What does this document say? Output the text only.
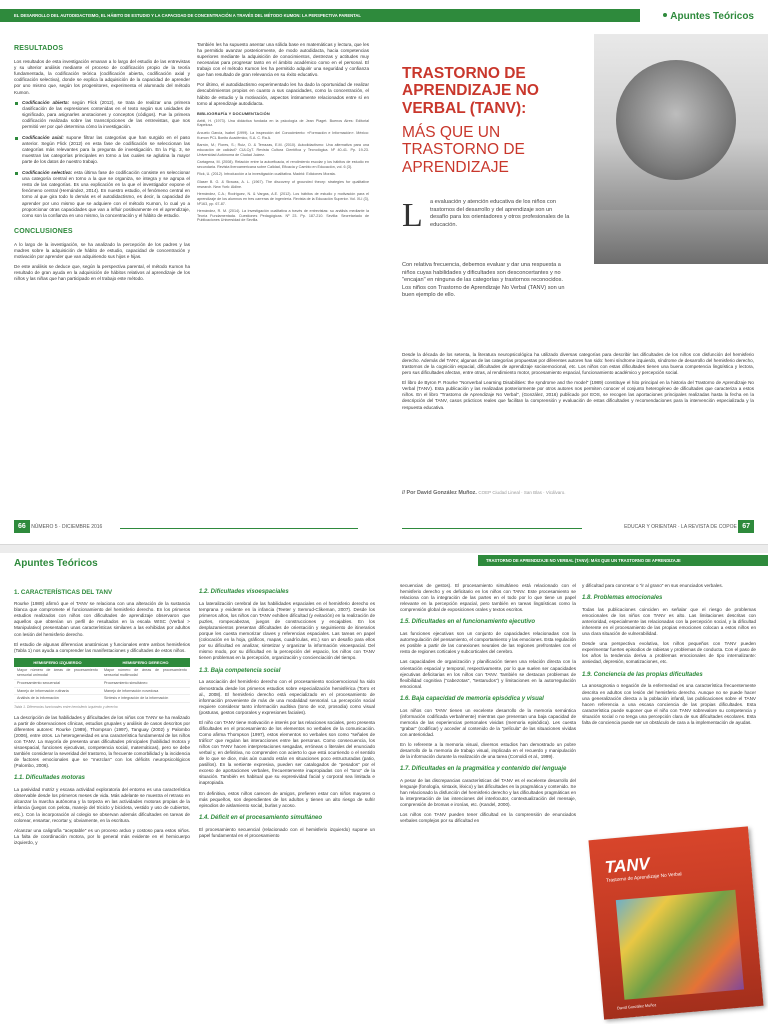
EL DESARROLLO DEL AUTODIDACTISMO, EL HÁBITO DE ESTUDIO Y LA CAPACIDAD DE CONCENTRACIÓN A TRAVÉS DEL MÉTODO KUMON: LA PERSPECTIVA PARENTAL	Apuntes Teóricos
RESULTADOS

Los resultados de esta investigación emanan a lo largo del estudio de las entrevistas y su ulterior análisis mediante el proceso de codificación propio de la teoría fundamentada, la codificación teórica (codificación abierta, codificación axial y codificación selectiva), donde se explica la adquisición de la capacidad de aprender por uno mismo que, según los progenitores, experimenta el alumnado del método Kumon.

Codificación abierta: según Flick (2012), se trata de realizar una primera clasificación de las expresiones contenidas en el texto según sus unidades de significado, para asignarles anotaciones y conceptos (códigos). Fue la primera codificación realizada sobre las transcripciones de las entrevistas, que nos permitió ver por qué determina cómo la investigación.
Codificación axial: supone filtrar las categorías que han surgido en el paso anterior. Según Flick (2012) en esta fase de codificación se seleccionan las categorías más relevantes para la pregunta de investigación. En la Fig. 3, se muestran las categorías principales en torno a las cuales se aglutina la mayor parte de los datos de nuestro trabajo.
Codificación selectiva: esta última fase de codificación consiste en seleccionar una categoría central en torno a la que se organiza, se integra y se agrupa el resto de las categorías. Es una explicación en la que el investigador expone el fenómeno central (Hernández, 2014). En nuestro estudio, el fenómeno central en torno al que gira todo lo demás es el autodidactismo, es decir, la capacidad de aprender por uno mismo que se adquiere con el método Kumon, lo cual yo a proporcionar otras capacidades que van a influir positivamente en el aprendizaje, como son la confianza en uno mismo, la concentración y el hábito de estudio.
CONCLUSIONES

A lo largo de la investigación, se ha analizado la percepción de los padres y las madres sobre la adquisición de hábito de estudio, capacidad de concentración y motivación por aprender que van adquiriendo sus hijos e hijas.

De este análisis se deduce que, según la perspectiva parental, el método Kumon ha resultado de gran ayuda en la adquisición de hábitos relativos al aprendizaje de los niños y las niñas que han participado en el trabajo este método.

También les ha supuesto asentar una sólida base en matemáticas y lectura, que les ha permitido avanzar posteriormente, de modo autodidacta, hacia competencias superiores mediante la adquisición de conocimientos, destrezas y actitudes muy necesarias para progresar tanto en el ámbito académico como en el personal. El trabajo con el método Kumon les ha permitido adquirir una seguridad y confianza que han resultado de gran relevancia en su éxito educativo.

Por último, el autodidactismo experimentado les ha dado la oportunidad de realizar descubrimientos propios en cuanto a sus capacidades, como la concentración, el hábito de estudio y la motivación, aspectos íntimamente relacionados entre sí en torno al aprendizaje autodidacta.

BIBLIOGRAFÍA Y DOCUMENTACIÓN

Aebli, H. (1973). Una didáctica fundada en la psicología de Jean Piaget. Buenos Aires: Editorial Kapelusz.

Arcuelo García, Isabel (1999). La inspección del Conocimiento: «Formación e Información». México: Kumon PCL Bonito Académico, S.A. C. Ra A.

Barrón, M.; Flores, S.; Ruiz, O. & Terrazas, E.M. (2010). Autodidactismo: Una alternativa para una educación de calidad? CULCyT. Revista Cultura Científica y Tecnológica. Nº 40-41. Pp. 19-23. Universidad Autónoma de Ciudad Juárez.

Cartagena, M. (2008). Relación entre la autoeficacia, el rendimiento escolar y los hábitos de estudio en secundaria. Revista Iberoamericana sobre Calidad, Eficacia y Cambio en Educación, vol. 6 (3).

Flick, U. (2012). Introducción a la investigación cualitativa. Madrid: Ediciones Morata.

Glaser B. G. & Strauss, A. L. (1967). The discovery of grounded theory: strategies for qualitative research. New York: Aldine.

Hernández, C.A.; Rodríguez, N. & Vargas, A.E. (2012). Los hábitos de estudio y motivación para el aprendizaje de los alumnos en tres carreras de ingeniería. Revista de la Educación Superior. Vol. XLI (3), Nº163, pp. 67-87.

Hernández, R. M. (2014). La investigación cualitativa a través de entrevistas: su análisis mediante la Teoría Fundamentada. Cuestiones Pedagógicas. Nº 23. Pp. 187-210. Sevilla: Secretariado de Publicaciones Universidad de Sevilla.

TRASTORNO DE
APRENDIZAJE NO
VERBAL (TANV):
MÁS QUE UN
TRASTORNO DE
APRENDIZAJE
L a evaluación y atención educativa de los niños con trastornos del desarrollo y del aprendizaje son un desafío para los orientadores y otros profesionales de la educación.
Con relativa frecuencia, debemos evaluar y dar una respuesta a niños cuyas habilidades y dificultades son desconcertantes y no "encajan" en ninguna de las categorías y trastornos reconocidos. Los niños con Trastorno de Aprendizaje No Verbal (TANV) son un buen ejemplo de ello.

Desde la década de los setenta, la literatura neuropsicológica ha utilizado diversas categorías para describir las dificultades de los niños con disfunción del hemisferio derecho. Además del TANV, algunas de las categorías propuestas por diferentes autores han sido: hemi síndrome izquierdo, síndrome de desarrollo del hemisferio derecho, trastornos de la cognición espacial, dificultades de aprendizaje socioemocional, etc. Los niños con estas dificultades tienen una buena competencia lingüística y lectora, pero sus dificultades afectan, entre otras, al rendimiento motor, procesamiento espacial, funcionamiento académico y percepción social.

El libro de Byron P. Rourke "Nonverbal Learning Disabilities: the syndrome and the model" (1989) constituye el hito principal en la historia del Trastorno de Aprendizaje No Verbal (TANV). Esta publicación y las realizadas posteriormente por otros autores nos permiten conocer el conjunto heterogéneo de dificultades que caracteriza a estos niños. En el libro "Trastorno de Aprendizaje No Verbal", (González, 2016) publicado por EOS, se recogen las aportaciones principales realizadas hasta la fecha en la descripción del TANV, casos prácticos reales que facilitan la comprensión y evaluación de estas dificultades y recomendaciones para la intervención especializada y la respuesta educativa.

// Por David González Muñoz. COEP Ciudad Lineal · San Blas · Vicálvaro.
66 NÚMERO 5 · DICIEMBRE 2016	EDUCAR Y ORIENTAR · LA REVISTA DE COPOE 67
Apuntes Teóricos	TRASTORNO DE APRENDIZAJE NO VERBAL (TANV): MÁS QUE UN TRASTORNO DE APRENDIZAJE
1. CARACTERÍSTICAS DEL TANV

Rourke (1989) afirmó que el TANV se relaciona con una alteración de la sustancia blanca que compromete el funcionamiento del hemisferio derecho. En los primeros estudios realizados con niños con dificultades de aprendizaje observaron que aquellos que obtenían un perfil de resultados en la escala WISC (Verbal > Manipulativo) presentaban unas características similares a las exhibidas por adultos con lesión del hemisferio derecho.

El estudio de algunas diferencias anatómicas y funcionales entre ambos hemisferios (Tabla 1) nos ayuda a comprender las manifestaciones y dificultades de estos niños.

HEMISFERIO IZQUIERDO	HEMISFERIO DERECHO
Mayor número de áreas de procesamiento sensorial unimodal	Mayor número de áreas de procesamiento sensorial multimodal
Procesamiento secuencial	Procesamiento simultáneo
Manejo de información rutinaria	Manejo de información novedosa
Análisis de la información	Síntesis e integración de la información
Tabla 1. Diferencias funcionales entre hemisferio izquierdo y derecho

La descripción de las habilidades y dificultades de los niños con TANV se ha realizado a partir de observaciones clínicas, estudios grupales y análisis de casos descritos por diferentes autores: Rourke (1989), Thompson (1997), Tanguay (2002) y Palombo (2006), entre otros. La heterogeneidad es una característica fundamental de los niños con TANV. La mayoría de presenta unas dificultades principales (habilidad motora y visoespacial, funciones ejecutivas, competencia social, matemáticas), pero se debe también considerar la severidad del trastorno, la frecuente comorbilidad y la incidencia de factores emocionales que se "mezclan" con los déficits neuropsicológicos (Palombo, 2006).

1.1. Dificultades motoras

La pasividad motriz y escasa actividad exploratoria del entorno es una característica observable desde los primeros meses de vida. Más adelante se muestra el retraso en alcanzar la marcha autónoma y la torpeza en las actividades motoras propias de la infancia (juegos con pelota, manejo del triciclo y bicicleta, vestido y uso de cubiertos, etc.). Con la incorporación al colegio se observan además dificultades en tareas de colorear, ensartar, recortar y, obviamente, en la escritura.

Alcanzar una caligrafía "aceptable" es un proceso arduo y costoso para estos niños. La falta de coordinación motora, por lo general más evidente en el hemicuerpo izquierdo, y

1.2. Dificultades visoespaciales

La lateralización cerebral de las habilidades espaciales en el hemisferio derecho es temprana y evidente en la infancia (Teeter y Semrud-Clikeman, 2007). Desde los primeros años, los niños con TANV exhiben dificultad (y evitación) en la realización de puzles, rompecabezas, juegos de construcciones y encajables. En los desplazamientos presentan dificultades de orientación y seguimiento de itinerarios porque les cuesta memorizar claves y referencias espaciales. Las tareas en papel (colocación en la hoja, gráficos, mapas, cuadrículas, etc.) son un desafío para ellos por su dificultad en analizar, sintetizar y organizar la información visoespacial. Del mismo modo, por su dificultad en la percepción del espacio, los niños con TANV tienen problemas en la percepción, organización y concienciación del tiempo.

1.3. Baja competencia social

La asociación del hemisferio derecho con el procesamiento socioemocional ha sido demostrada desde los primeros estudios sobre especialización hemisférica (Torro et al., 2008). El hemisferio derecho está especializado en el procesamiento de información proveniente de más de una modalidad sensorial. La percepción social requiere considerar tanto información auditiva (tono de voz, prosodia) como visual (posturas, gestos corporales y expresiones faciales).

El niño con TANV tiene motivación e interés por las relaciones sociales, pero presenta dificultades en el procesamiento de los elementos no verbales de la comunicación. Como afirma Thompson (1997), estos elementos no verbales son como "señales de tráfico" que regulan las interacciones entre las personas. Como consecuencia, los niños con TANV hacen interpretaciones sesgadas, erróneas o literales del enunciado verbal y, en definitiva, no comprenden con acierto lo que está ocurriendo o el sentido de lo que se dice, más aún cuando están en situaciones poco estructuradas (patio, pasillos). En la vertiente expresiva, pueden ser catalogados de "pesados" por el exceso de aportaciones verbales, frecuentemente inapropiadas con el "tono" de la situación. También es habitual que su expresividad facial y corporal sea limitada e inapropiada.

En definitiva, estos niños carecen de amigos, prefieren estar con niños mayores o más pequeños, son dependientes de los adultos y tienen un alto riesgo de sufrir episodios de aislamiento social, burlas y acoso.

1.4. Déficit en el procesamiento simultáneo

El procesamiento secuencial (relacionado con el hemisferio izquierdo) supone un papel fundamental en el procesamiento

secuencias de gestos). El procesamiento simultáneo está relacionado con el hemisferio derecho y es deficitario en los niños con TANV. Este procesamiento se relaciona con la integración de las partes en el todo por lo que tiene un papel relevante en la percepción espacial, pero también en tareas lingüísticas como la comprensión global de exposiciones orales y textos escritos.

1.5. Dificultades en el funcionamiento ejecutivo

Las funciones ejecutivas son un conjunto de capacidades relacionadas con la autorregulación del pensamiento, el comportamiento y las emociones. Esta regulación es posible a partir de las conexiones neurales de las regiones prefrontales con el resto de regiones corticales y subcorticales del cerebro.

Las capacidades de organización y planificación tienen una relación directa con la orientación espacial y temporal, respectivamente, por lo que suelen ser capacidades ejecutivas deficitarias en los niños con TANV. También se destacan problemas de flexibilidad cognitiva ("cabezotas", "testarudos") y limitaciones en la autorregulación emocional.

1.6. Baja capacidad de memoria episódica y visual

Los niños con TANV tienen un excelente desarrollo de la memoria semántica (información codificada verbalmente) mientras que presentan una baja capacidad de memoria de las experiencias personales vividas (memoria episódica). Les cuesta "grabar" (codificar) y acceder al contenido de la "película" de las situaciones vividas con anterioridad.

En lo referente a la memoria visual, diversos estudios han demostrado un pobre desarrollo de la memoria de trabajo visual, implicada en el recuerdo y manipulación de la información durante la realización de una tarea (Cornoldi et al., 1999).

1.7. Dificultades en la pragmática y contenido del lenguaje

A pesar de las discrepancias características del TANV es el excelente desarrollo del lenguaje (fonología, sintaxis, léxico) y las dificultades en la pragmática y contenido. Se han relacionado la disfunción del hemisferio derecho y las dificultades pragmáticas en la interpretación de las intenciones del interlocutor, contextualización del mensaje, comprensión de bromas e ironías, etc. (Kandel, 2000).

Los niños con TANV pueden tener dificultad en la comprensión de enunciados verbales complejos por su dificultad en

y dificultad para concretar o "ir al grano" en sus enunciados verbales.

1.8. Problemas emocionales

Todas las publicaciones coinciden en señalar que el riesgo de problemas emocionales de los niños con TANV es alto. Las limitaciones descritas con anterioridad, especialmente las relacionadas con la percepción social, y la dificultad inherente en el procesamiento de las propias emociones colocan a estos niños en una clara situación de vulnerabilidad.

Desde una perspectiva evolutiva, los niños pequeños con TANV pueden experimentar fuertes episodios de rabietas y problemas de conducta. Con el paso de los años la tendencia deriva a problemas emocionales de tipo internalizante: ansiedad, depresión, somatizaciones, etc.

1.9. Conciencia de las propias dificultades

La anosognosia o negación de la enfermedad es una característica frecuentemente descrita en adultos con lesión del hemisferio derecho. Aunque no se puede hacer una generalización directa a la población infantil, las publicaciones sobre el TANV hacen referencia a una escasa conciencia de las propias dificultades. Esta característica puede suponer que el niño con TANV sobrevalore su competencia y situación social o no tenga una percepción clara de sus dificultades escolares. Esta falta de conciencia puede ser un obstáculo de cara a la implementación de ayudas.

TANV
Trastorno de Aprendizaje No Verbal
David González Muñoz
